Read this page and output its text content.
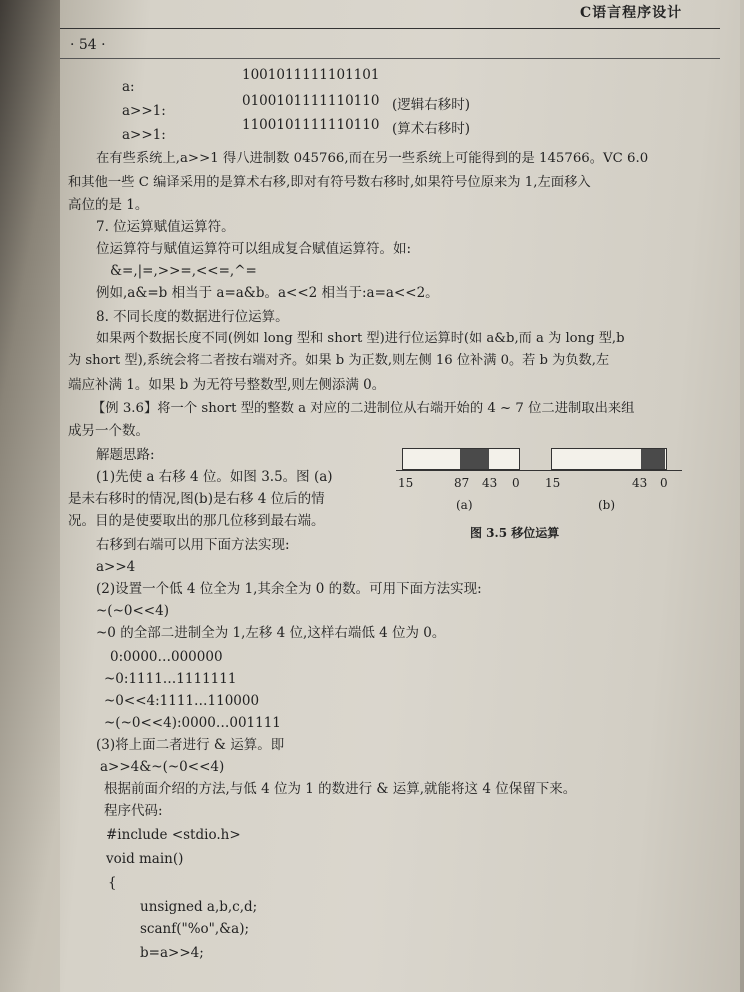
· 54 ·
C语言程序设计
a:
1001011111101101
a>>1:
0100101111110110 (逻辑右移时)
a>>1:
1100101111110110 (算术右移时)
在有些系统上,a>>1 得八进制数 045766,而在另一些系统上可能得到的是 145766。VC 6.0
和其他一些 C 编译采用的是算术右移,即对有符号数右移时,如果符号位原来为 1,左面移入
高位的是 1。
7. 位运算赋值运算符。
位运算符与赋值运算符可以组成复合赋值运算符。如:
&=,|=,>>=,<<=,^=
例如,a&=b 相当于 a=a&b。a<<2 相当于:a=a<<2。
8. 不同长度的数据进行位运算。
如果两个数据长度不同(例如 long 型和 short 型)进行位运算时(如 a&b,而 a 为 long 型,b
为 short 型),系统会将二者按右端对齐。如果 b 为正数,则左侧 16 位补满 0。若 b 为负数,左
端应补满 1。如果 b 为无符号整数型,则左侧添满 0。
【例 3.6】将一个 short 型的整数 a 对应的二进制位从右端开始的 4 ~ 7 位二进制取出来组
成另一个数。
解题思路:
(1)先使 a 右移 4 位。如图 3.5。图 (a)
是未右移时的情况,图(b)是右移 4 位后的情
况。目的是使要取出的那几位移到最右端。
15	87 43 0 15	43 0
(a)	(b)
图 3.5 移位运算
右移到右端可以用下面方法实现:
a>>4
(2)设置一个低 4 位全为 1,其余全为 0 的数。可用下面方法实现:
~(~0<<4)
~0 的全部二进制全为 1,左移 4 位,这样右端低 4 位为 0。
0:0000…000000
~0:1111…1111111
~0<<4:1111…110000
~(~0<<4):0000…001111
(3)将上面二者进行 & 运算。即
a>>4&~(~0<<4)
根据前面介绍的方法,与低 4 位为 1 的数进行 & 运算,就能将这 4 位保留下来。
程序代码:
#include <stdio.h>
void main()
{
unsigned a,b,c,d;
scanf("%o",&a);
b=a>>4;
